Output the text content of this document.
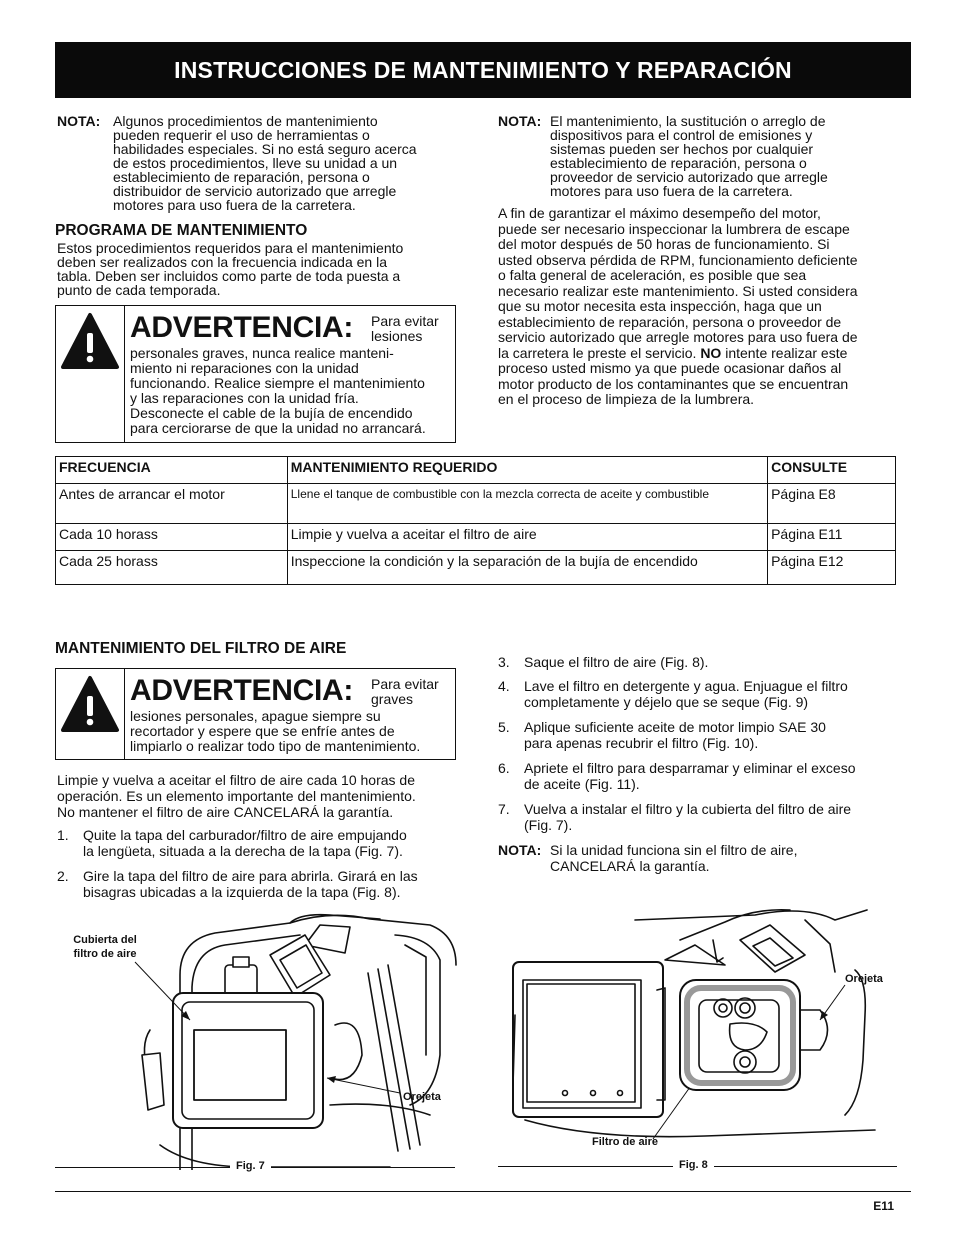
INSTRUCCIONES DE MANTENIMIENTO Y REPARACIÓN
NOTA: Algunos procedimientos de mantenimiento
pueden requerir el uso de herramientas o
habilidades especiales. Si no está seguro acerca
de estos procedimientos, lleve su unidad a un
establecimiento de reparación, persona o
distribuidor de servicio autorizado que arregle
motores para uso fuera de la carretera.
PROGRAMA DE MANTENIMIENTO
Estos procedimientos requeridos para el mantenimiento
deben ser realizados con la frecuencia indicada en la
tabla. Deben ser incluidos como parte de toda puesta a
punto de cada temporada.
ADVERTENCIA: Para evitar
lesiones
personales graves, nunca realice manteni-
miento ni reparaciones con la unidad
funcionando. Realice siempre el mantenimiento
y las reparaciones con la unidad fría.
Desconecte el cable de la bujía de encendido
para cerciorarse de que la unidad no arrancará.
NOTA: El mantenimiento, la sustitución o arreglo de
dispositivos para el control de emisiones y
sistemas pueden ser hechos por cualquier
establecimiento de reparación, persona o
proveedor de servicio autorizado que arregle
motores para uso fuera de la carretera.
A fin de garantizar el máximo desempeño del motor,
puede ser necesario inspeccionar la lumbrera de escape
del motor después de 50 horas de funcionamiento. Si
usted observa pérdida de RPM, funcionamiento deficiente
o falta general de aceleración, es posible que sea
necesario realizar este mantenimiento. Si usted considera
que su motor necesita esta inspección, haga que un
establecimiento de reparación, persona o proveedor de
servicio autorizado que arregle motores para uso fuera de
la carretera le preste el servicio. NO intente realizar este
proceso usted mismo ya que puede ocasionar daños al
motor producto de los contaminantes que se encuentran
en el proceso de limpieza de la lumbrera.
FRECUENCIA	MANTENIMIENTO REQUERIDO	CONSULTE
Antes de arrancar el motor	Llene el tanque de combustible con la mezcla correcta de aceite y combustible	Página E8
Cada 10 horass	Limpie y vuelva a aceitar el filtro de aire	Página E11
Cada 25 horass	Inspeccione la condición y la separación de la bujía de encendido	Página E12
MANTENIMIENTO DEL FILTRO DE AIRE
ADVERTENCIA: Para evitar
graves
lesiones personales, apague siempre su
recortador y espere que se enfríe antes de
limpiarlo o realizar todo tipo de mantenimiento.
Limpie y vuelva a aceitar el filtro de aire cada 10 horas de
operación. Es un elemento importante del mantenimiento.
No mantener el filtro de aire CANCELARÁ la garantía.
1. Quite la tapa del carburador/filtro de aire empujando
la lengüeta, situada a la derecha de la tapa (Fig. 7).
2. Gire la tapa del filtro de aire para abrirla. Girará en las
bisagras ubicadas a la izquierda de la tapa (Fig. 8).
3. Saque el filtro de aire (Fig. 8).
4. Lave el filtro en detergente y agua. Enjuague el filtro
completamente y déjelo que se seque (Fig. 9)
5. Aplique suficiente aceite de motor limpio SAE 30
para apenas recubrir el filtro (Fig. 10).
6. Apriete el filtro para desparramar y eliminar el exceso
de aceite (Fig. 11).
7. Vuelva a instalar el filtro y la cubierta del filtro de aire
(Fig. 7).
NOTA: Si la unidad funciona sin el filtro de aire,
CANCELARÁ la garantía.
Cubierta del
filtro de aire
Orejeta
Fig. 7
Orejeta
Filtro de aire
Fig. 8
E11
